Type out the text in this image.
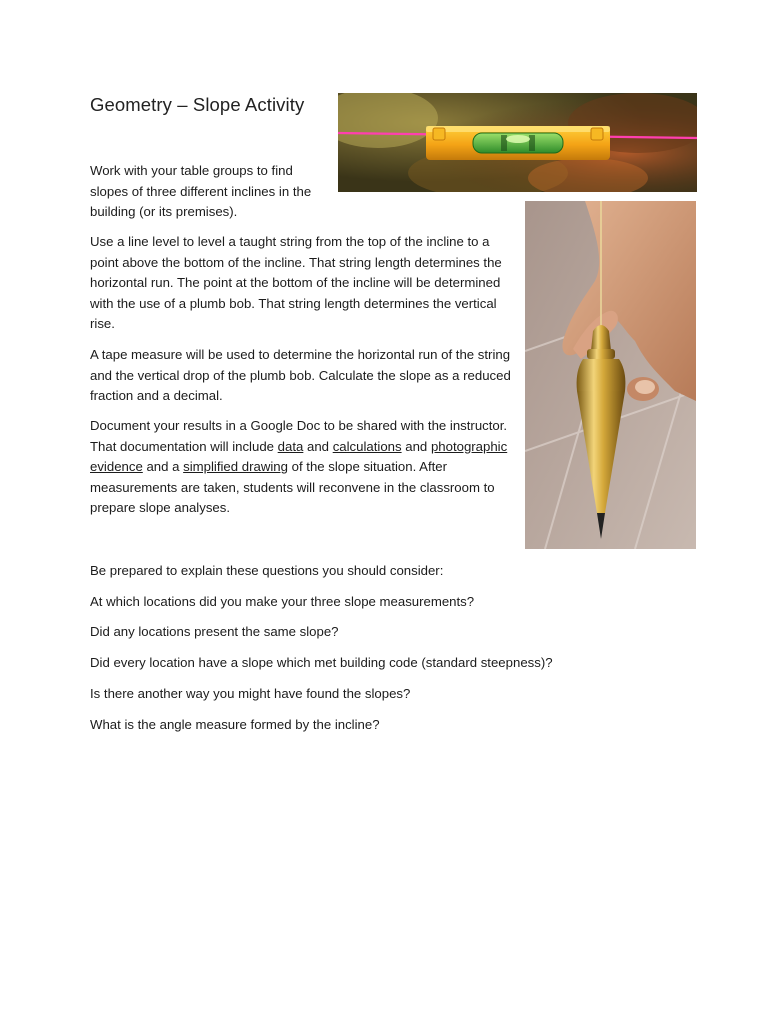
Geometry – Slope Activity

Work with your table groups to find slopes of three different inclines in the building (or its premises).

Use a line level to level a taught string from the top of the incline to a point above the bottom of the incline. That string length determines the horizontal run. The point at the bottom of the incline will be determined with the use of a plumb bob. That string length determines the vertical rise.

A tape measure will be used to determine the horizontal run of the string and the vertical drop of the plumb bob. Calculate the slope as a reduced fraction and a decimal.

Document your results in a Google Doc to be shared with the instructor. That documentation will include data and calculations and photographic evidence and a simplified drawing of the slope situation. After measurements are taken, students will reconvene in the classroom to prepare slope analyses.

Be prepared to explain these questions you should consider:

At which locations did you make your three slope measurements?

Did any locations present the same slope?

Did every location have a slope which met building code (standard steepness)?

Is there another way you might have found the slopes?

What is the angle measure formed by the incline?
